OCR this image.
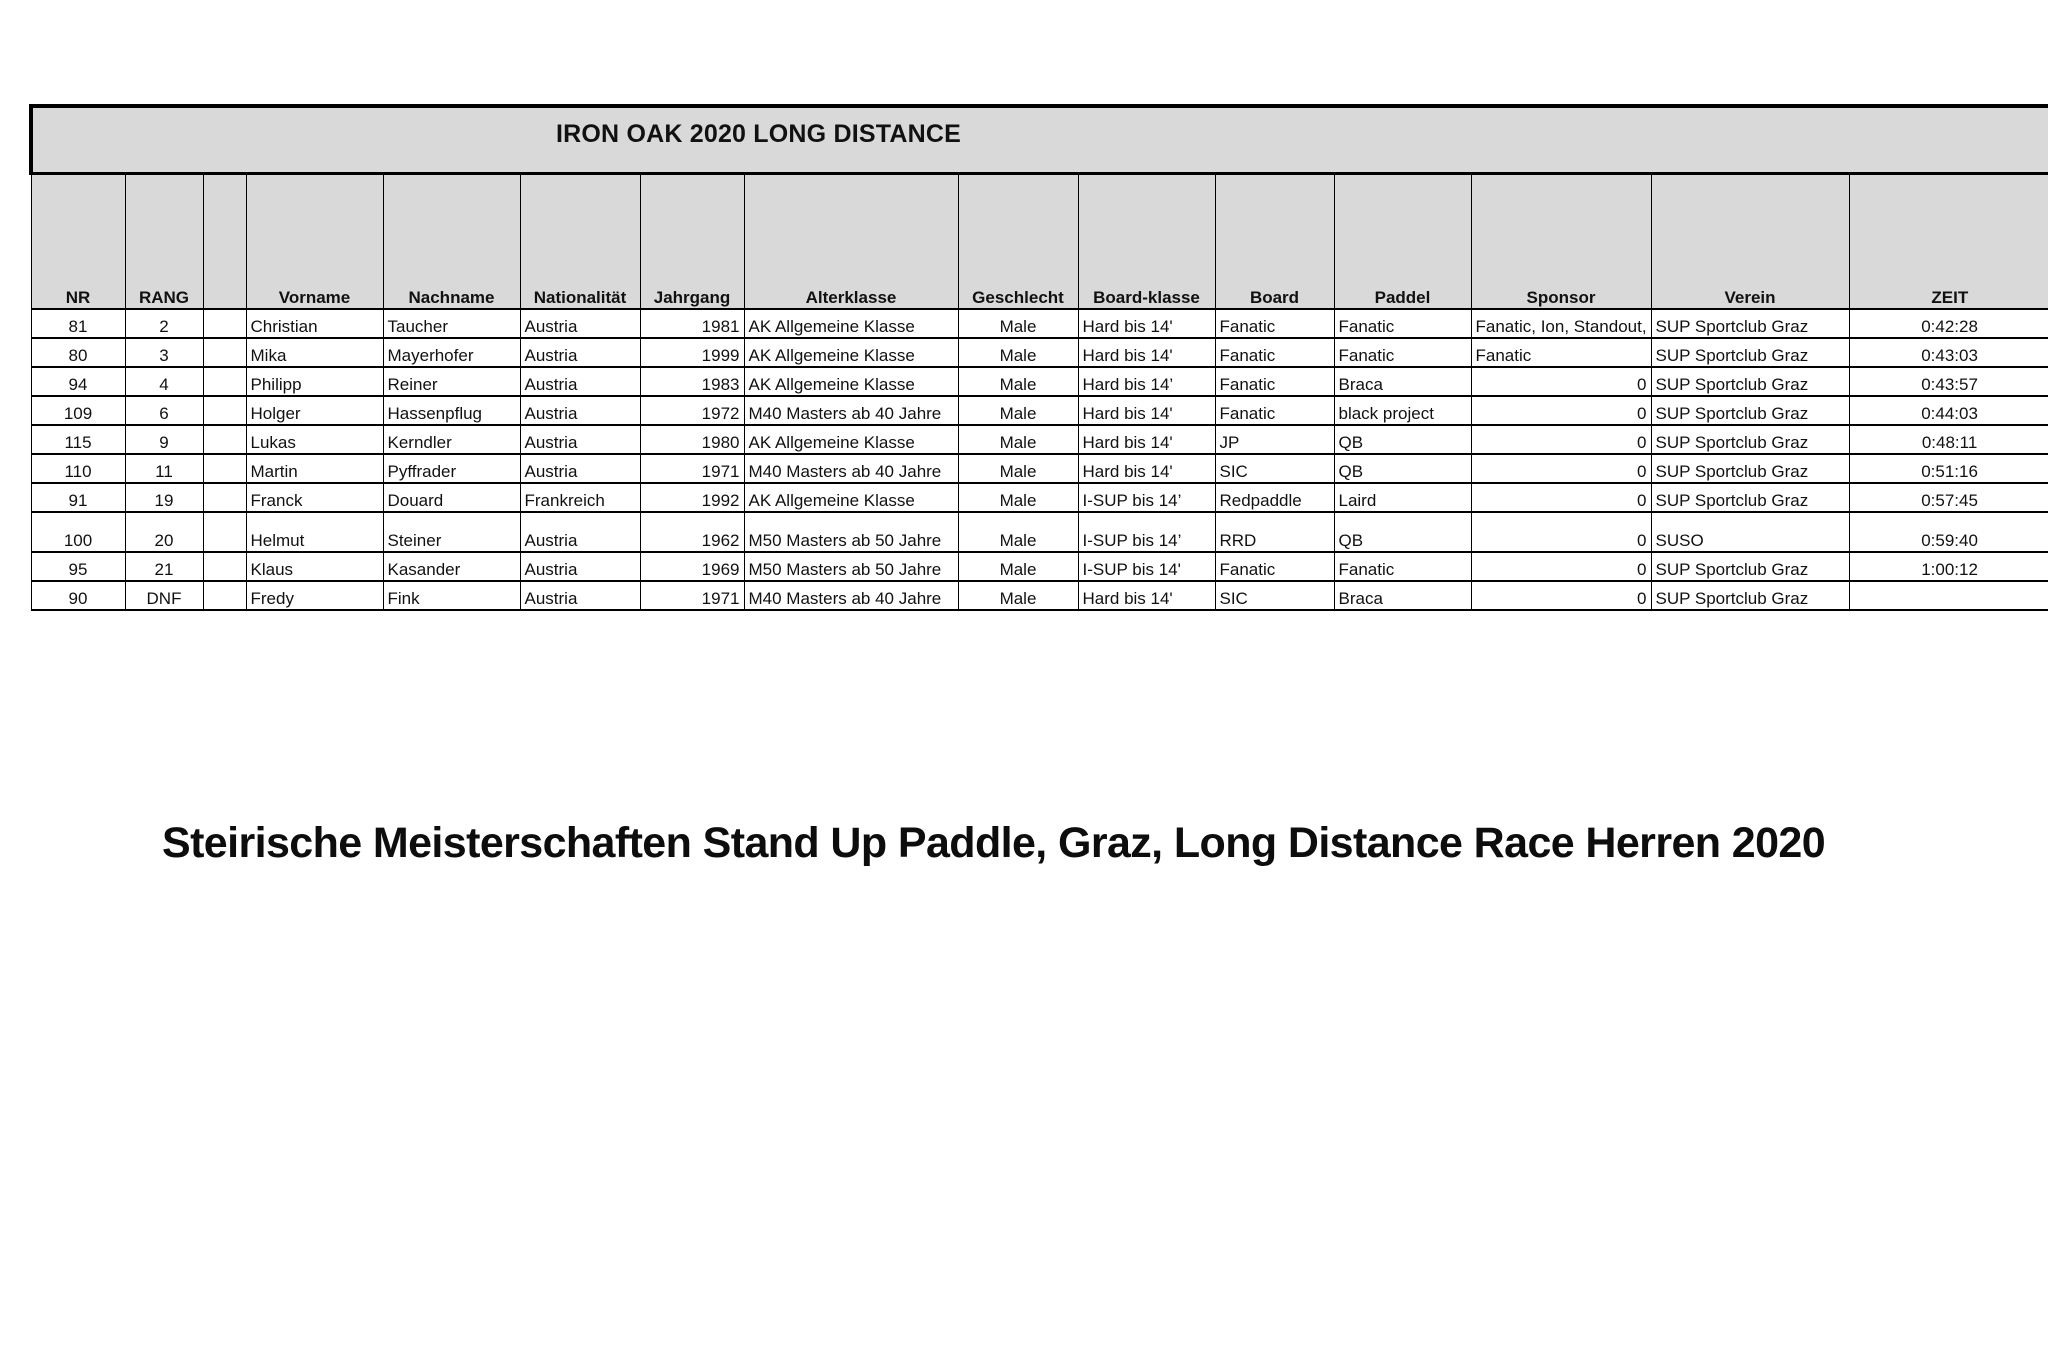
IRON OAK 2020 LONG DISTANCE														

NR	RANG		Vorname	Nachname	Nationalität	Jahrgang	Alterklasse	Geschlecht	Board-klasse	Board	Paddel	Sponsor	Verein	ZEIT
81	2		Christian	Taucher	Austria	1981	AK Allgemeine Klasse	Male	Hard bis 14'	Fanatic	Fanatic	Fanatic, Ion, Standout,	SUP Sportclub Graz	0:42:28
80	3		Mika	Mayerhofer	Austria	1999	AK Allgemeine Klasse	Male	Hard bis 14'	Fanatic	Fanatic	Fanatic	SUP Sportclub Graz	0:43:03
94	4		Philipp	Reiner	Austria	1983	AK Allgemeine Klasse	Male	Hard bis 14’	Fanatic	Braca	0	SUP Sportclub Graz	0:43:57
109	6		Holger	Hassenpflug	Austria	1972	M40 Masters ab 40 Jahre	Male	Hard bis 14'	Fanatic	black project	0	SUP Sportclub Graz	0:44:03
115	9		Lukas	Kerndler	Austria	1980	AK Allgemeine Klasse	Male	Hard bis 14'	JP	QB	0	SUP Sportclub Graz	0:48:11
110	11		Martin	Pyffrader	Austria	1971	M40 Masters ab 40 Jahre	Male	Hard bis 14'	SIC	QB	0	SUP Sportclub Graz	0:51:16
91	19		Franck	Douard	Frankreich	1992	AK Allgemeine Klasse	Male	I-SUP bis 14’	Redpaddle	Laird	0	SUP Sportclub Graz	0:57:45
100	20		Helmut	Steiner	Austria	1962	M50 Masters ab 50 Jahre	Male	I-SUP bis 14’	RRD	QB	0	SUSO	0:59:40
95	21		Klaus	Kasander	Austria	1969	M50 Masters ab 50 Jahre	Male	I-SUP bis 14'	Fanatic	Fanatic	0	SUP Sportclub Graz	1:00:12
90	DNF		Fredy	Fink	Austria	1971	M40 Masters ab 40 Jahre	Male	Hard bis 14'	SIC	Braca	0	SUP Sportclub Graz	
Steirische Meisterschaften Stand Up Paddle, Graz, Long Distance Race Herren 2020
